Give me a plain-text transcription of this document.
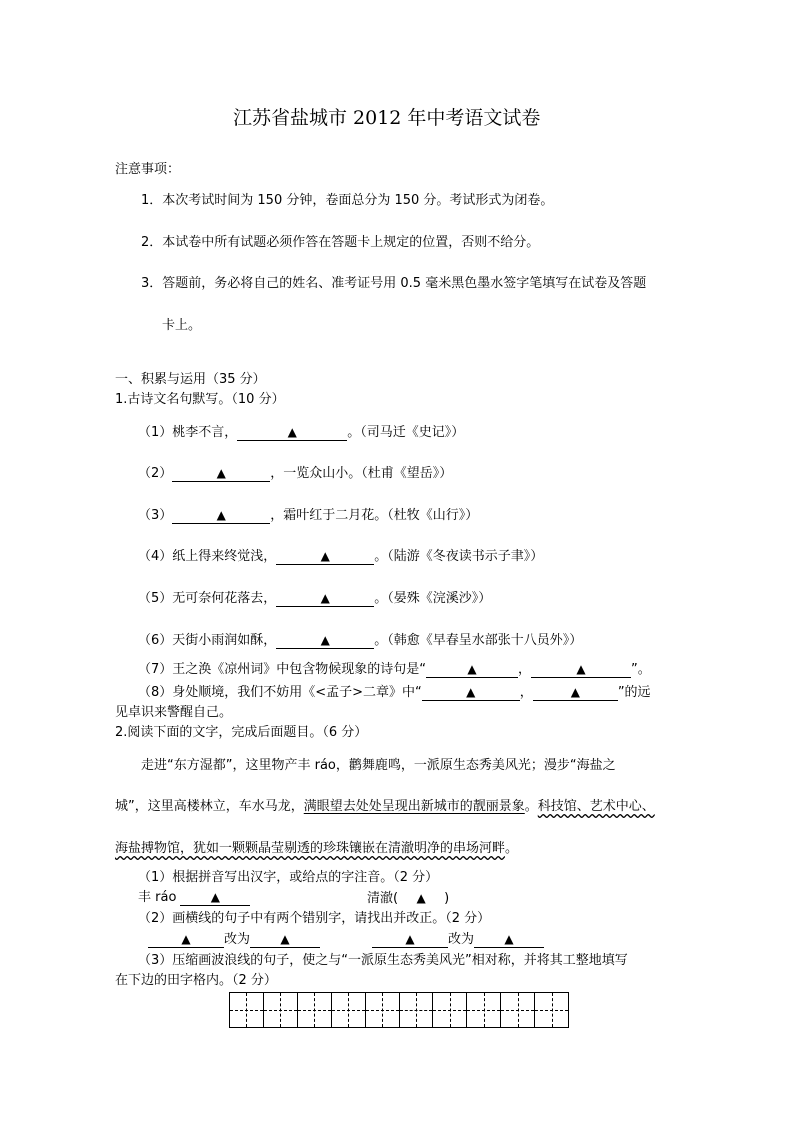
江苏省盐城市 2012 年中考语文试卷
注意事项：
1．本次考试时间为 150 分钟，卷面总分为 150 分。考试形式为闭卷。
2．本试卷中所有试题必须作答在答题卡上规定的位置，否则不给分。
3．答题前，务必将自己的姓名、准考证号用 0.5 毫米黑色墨水签字笔填写在试卷及答题
卡上。
一、积累与运用（35 分）
1.古诗文名句默写。（10 分）
（1）桃李不言，	▲	。（司马迁《史记》）
（2）	▲	，一览众山小。（杜甫《望岳》）
（3）	▲	，霜叶红于二月花。（杜牧《山行》）
（4）纸上得来终觉浅，	▲	。（陆游《冬夜读书示子聿》）
（5）无可奈何花落去，	▲	。（晏殊《浣溪沙》）
（6）天街小雨润如酥，	▲	。（韩愈《早春呈水部张十八员外》）
（7）王之涣《凉州词》中包含物候现象的诗句是“	▲	，	▲	”。
（8）身处顺境，我们不妨用《<孟子>二章》中“	▲	，	▲	”的远
见卓识来警醒自己。
2.阅读下面的文字，完成后面题目。（6 分）
走进“东方湿都”，这里物产丰 ráo，鹳舞鹿鸣，一派原生态秀美风光；漫步“海盐之
城”，这里高楼林立，车水马龙，满眼望去处处呈现出新城市的靓丽景象。科技馆、艺术中心、
海盐搏物馆，犹如一颗颗晶莹剔透的珍珠镶嵌在清澈明净的串场河畔。
（1）根据拼音写出汉字，或给点的字注音。（2 分）
丰 ráo	▲	清澈( ▲ )
（2）画横线的句子中有两个错别字，请找出并改正。（2 分）
▲	改为	▲	▲	改为	▲
（3）压缩画波浪线的句子，使之与“一派原生态秀美风光”相对称，并将其工整地填写
在下边的田字格内。（2 分）
